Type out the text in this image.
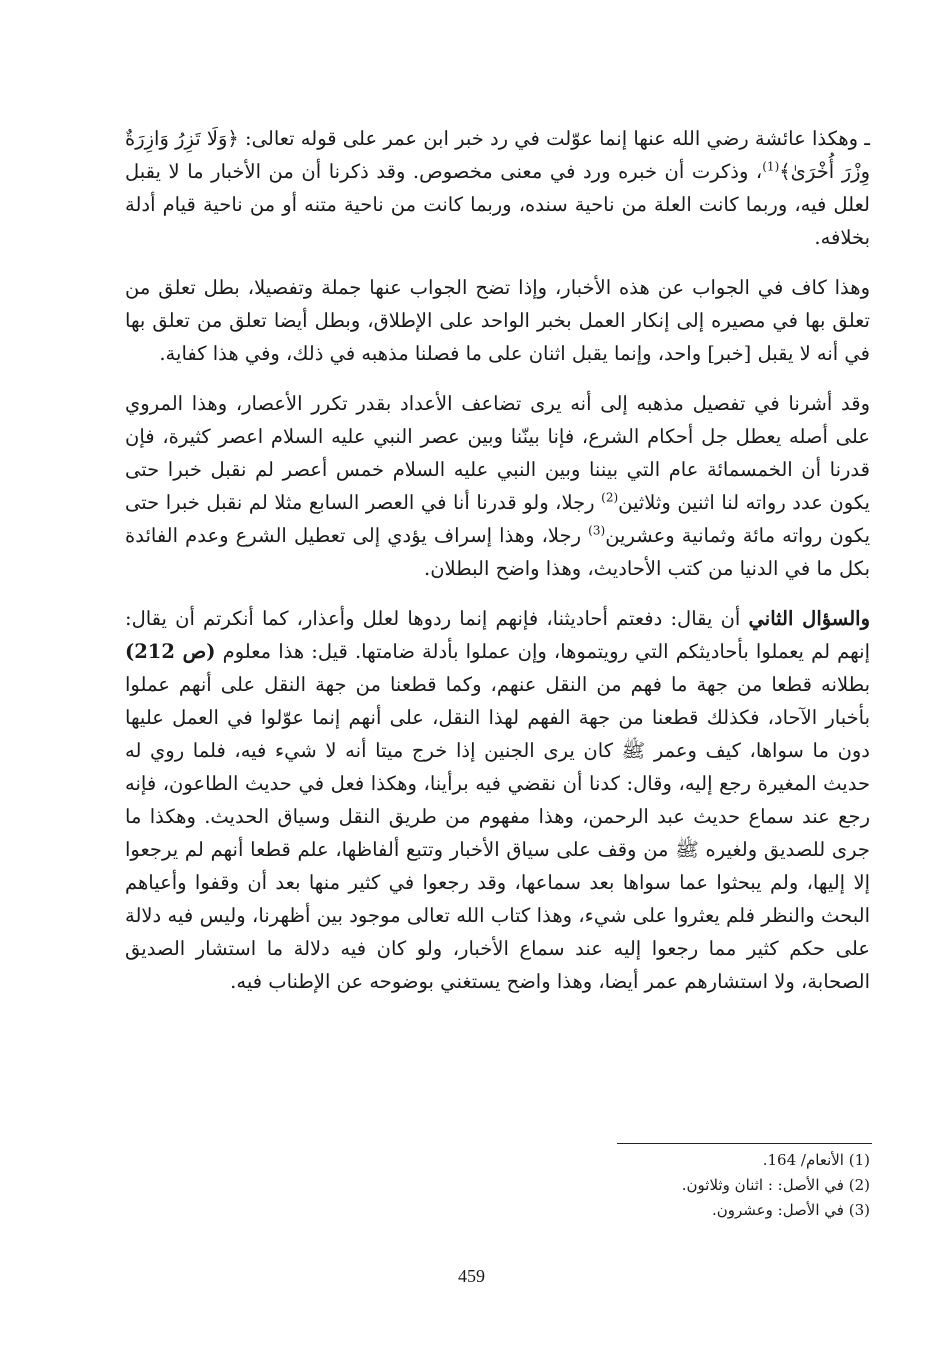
ـ وهكذا عائشة رضي الله عنها إنما عوّلت في رد خبر ابن عمر على قوله تعالى: ﴿وَلَا تَزِرُ وَازِرَةٌ وِزْرَ أُخْرَىٰ﴾$^{(1)}$، وذكرت أن خبره ورد في معنى مخصوص. وقد ذكرنا أن من الأخبار ما لا يقبل لعلل فيه، وربما كانت العلة من ناحية سنده، وربما كانت من ناحية متنه أو من ناحية قيام أدلة بخلافه.

وهذا كاف في الجواب عن هذه الأخبار، وإذا تضح الجواب عنها جملة وتفصيلا، بطل تعلق من تعلق بها في مصيره إلى إنكار العمل بخبر الواحد على الإطلاق، وبطل أيضا تعلق من تعلق بها في أنه لا يقبل [خبر] واحد، وإنما يقبل اثنان على ما فصلنا مذهبه في ذلك، وفي هذا كفاية.

وقد أشرنا في تفصيل مذهبه إلى أنه يرى تضاعف الأعداد بقدر تكرر الأعصار، وهذا المروي على أصله يعطل جل أحكام الشرع، فإنا بينّنا وبين عصر النبي عليه السلام اعصر كثيرة، فإن قدرنا أن الخمسمائة عام التي بيننا وبين النبي عليه السلام خمس أعصر لم نقبل خبرا حتى يكون عدد رواته لنا اثنين وثلاثين$^{(2)}$ رجلا، ولو قدرنا أنا في العصر السابع مثلا لم نقبل خبرا حتى يكون رواته مائة وثمانية وعشرين$^{(3)}$ رجلا، وهذا إسراف يؤدي إلى تعطيل الشرع وعدم الفائدة بكل ما في الدنيا من كتب الأحاديث، وهذا واضح البطلان.

والسؤال الثاني أن يقال: دفعتم أحاديثنا، فإنهم إنما ردوها لعلل وأعذار، كما أنكرتم أن يقال: إنهم لم يعملوا بأحاديثكم التي رويتموها، وإن عملوا بأدلة ضامتها. قيل: هذا معلوم (ص 212) بطلانه قطعا من جهة ما فهم من النقل عنهم، وكما قطعنا من جهة النقل على أنهم عملوا بأخبار الآحاد، فكذلك قطعنا من جهة الفهم لهذا النقل، على أنهم إنما عوّلوا في العمل عليها دون ما سواها، كيف وعمر ﷺ كان يرى الجنين إذا خرج ميتا أنه لا شيء فيه، فلما روي له حديث المغيرة رجع إليه، وقال: كدنا أن نقضي فيه برأينا، وهكذا فعل في حديث الطاعون، فإنه رجع عند سماع حديث عبد الرحمن، وهذا مفهوم من طريق النقل وسياق الحديث. وهكذا ما جرى للصديق ولغيره ﷺ من وقف على سياق الأخبار وتتبع ألفاظها، علم قطعا أنهم لم يرجعوا إلا إليها، ولم يبحثوا عما سواها بعد سماعها، وقد رجعوا في كثير منها بعد أن وقفوا وأعياهم البحث والنظر فلم يعثروا على شيء، وهذا كتاب الله تعالى موجود بين أظهرنا، وليس فيه دلالة على حكم كثير مما رجعوا إليه عند سماع الأخبار، ولو كان فيه دلالة ما استشار الصديق الصحابة، ولا استشارهم عمر أيضا، وهذا واضح يستغني بوضوحه عن الإطناب فيه.

(1) الأنعام/ 164.

(2) في الأصل: : اثنان وثلاثون.

(3) في الأصل: وعشرون.

459
